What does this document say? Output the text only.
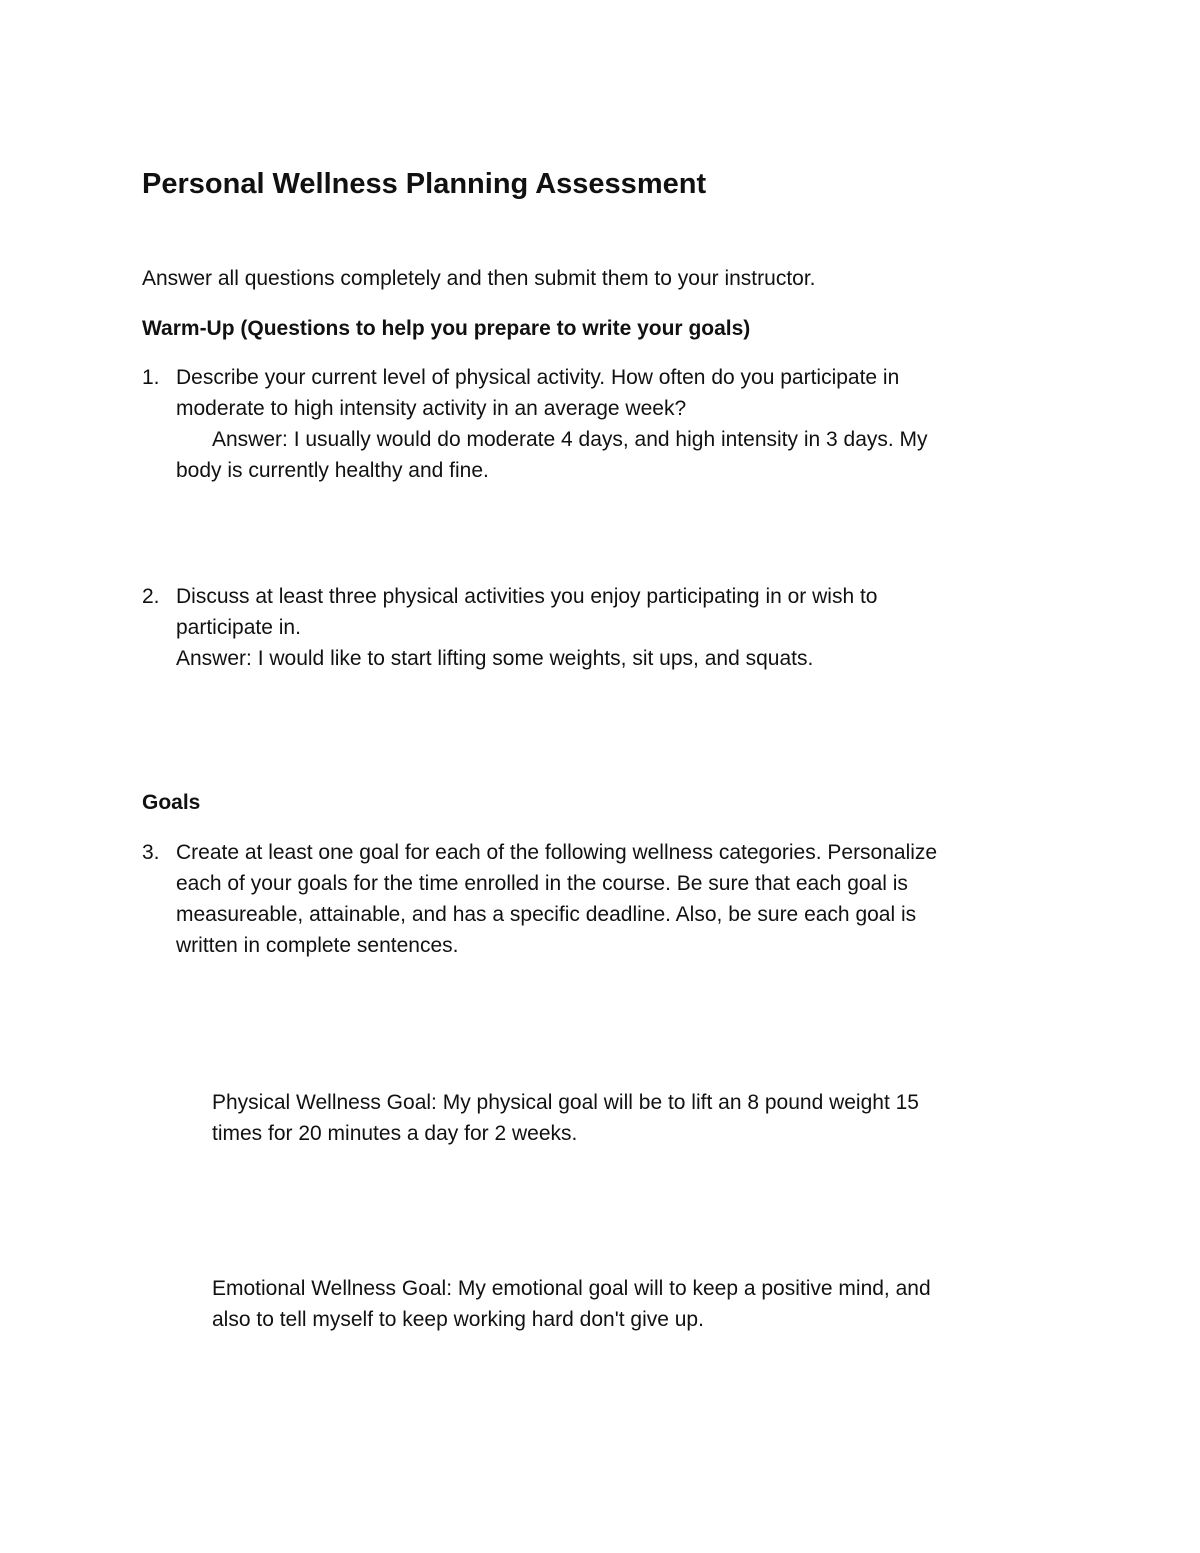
Personal Wellness Planning Assessment
Answer all questions completely and then submit them to your instructor.
Warm-Up (Questions to help you prepare to write your goals)
1. Describe your current level of physical activity. How often do you participate in
moderate to high intensity activity in an average week?
Answer: I usually would do moderate 4 days, and high intensity in 3 days. My
body is currently healthy and fine.
2. Discuss at least three physical activities you enjoy participating in or wish to
participate in.
Answer: I would like to start lifting some weights, sit ups, and squats.
Goals
3. Create at least one goal for each of the following wellness categories. Personalize
each of your goals for the time enrolled in the course. Be sure that each goal is
measureable, attainable, and has a specific deadline. Also, be sure each goal is
written in complete sentences.
Physical Wellness Goal: My physical goal will be to lift an 8 pound weight 15
times for 20 minutes a day for 2 weeks.
Emotional Wellness Goal: My emotional goal will to keep a positive mind, and
also to tell myself to keep working hard don't give up.
